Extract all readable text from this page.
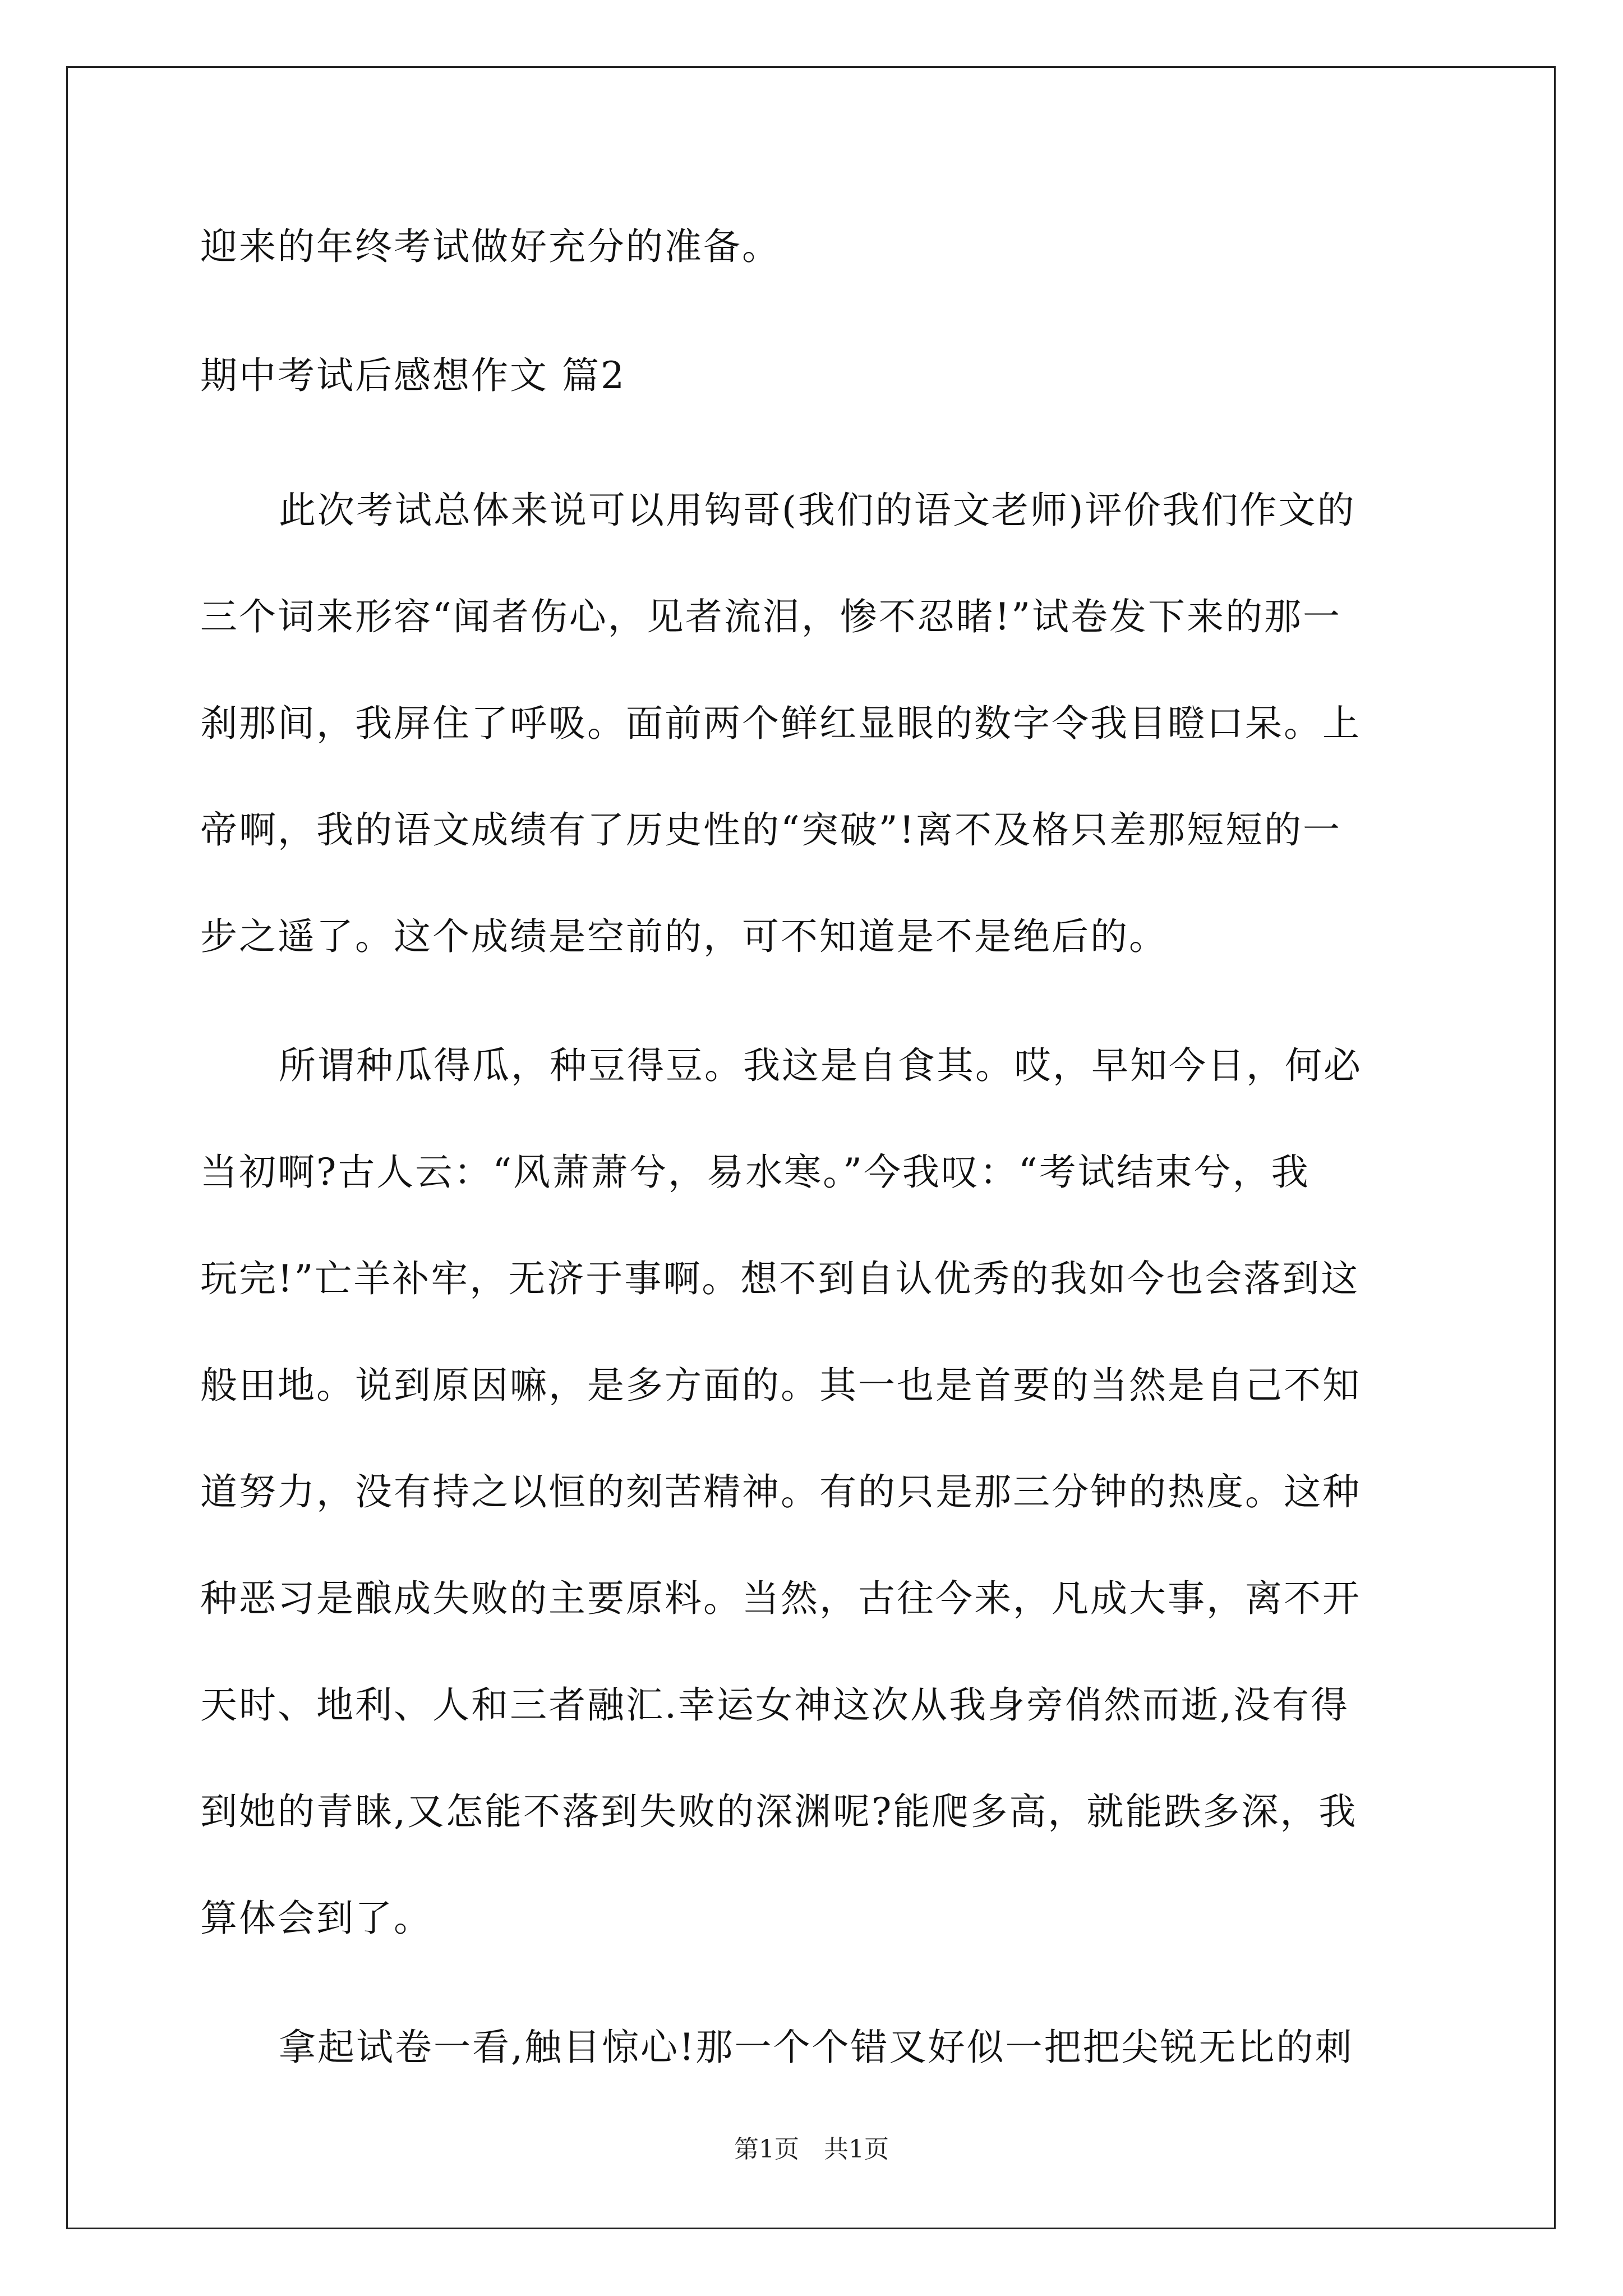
迎来的年终考试做好充分的准备。
期中考试后感想作文 篇2
此次考试总体来说可以用钩哥(我们的语文老师)评价我们作文的
三个词来形容“闻者伤心，见者流泪，惨不忍睹!”试卷发下来的那一
刹那间，我屏住了呼吸。面前两个鲜红显眼的数字令我目瞪口呆。上
帝啊，我的语文成绩有了历史性的“突破”!离不及格只差那短短的一
步之遥了。这个成绩是空前的，可不知道是不是绝后的。
所谓种瓜得瓜，种豆得豆。我这是自食其。哎，早知今日，何必
当初啊?古人云：“风萧萧兮，易水寒。”今我叹：“考试结束兮，我
玩完!”亡羊补牢，无济于事啊。想不到自认优秀的我如今也会落到这
般田地。说到原因嘛，是多方面的。其一也是首要的当然是自己不知
道努力，没有持之以恒的刻苦精神。有的只是那三分钟的热度。这种
种恶习是酿成失败的主要原料。当然，古往今来，凡成大事，离不开
天时、地利、人和三者融汇.幸运女神这次从我身旁俏然而逝,没有得
到她的青睐,又怎能不落到失败的深渊呢?能爬多高，就能跌多深，我
算体会到了。
拿起试卷一看,触目惊心!那一个个错叉好似一把把尖锐无比的刺
第1页　共1页
